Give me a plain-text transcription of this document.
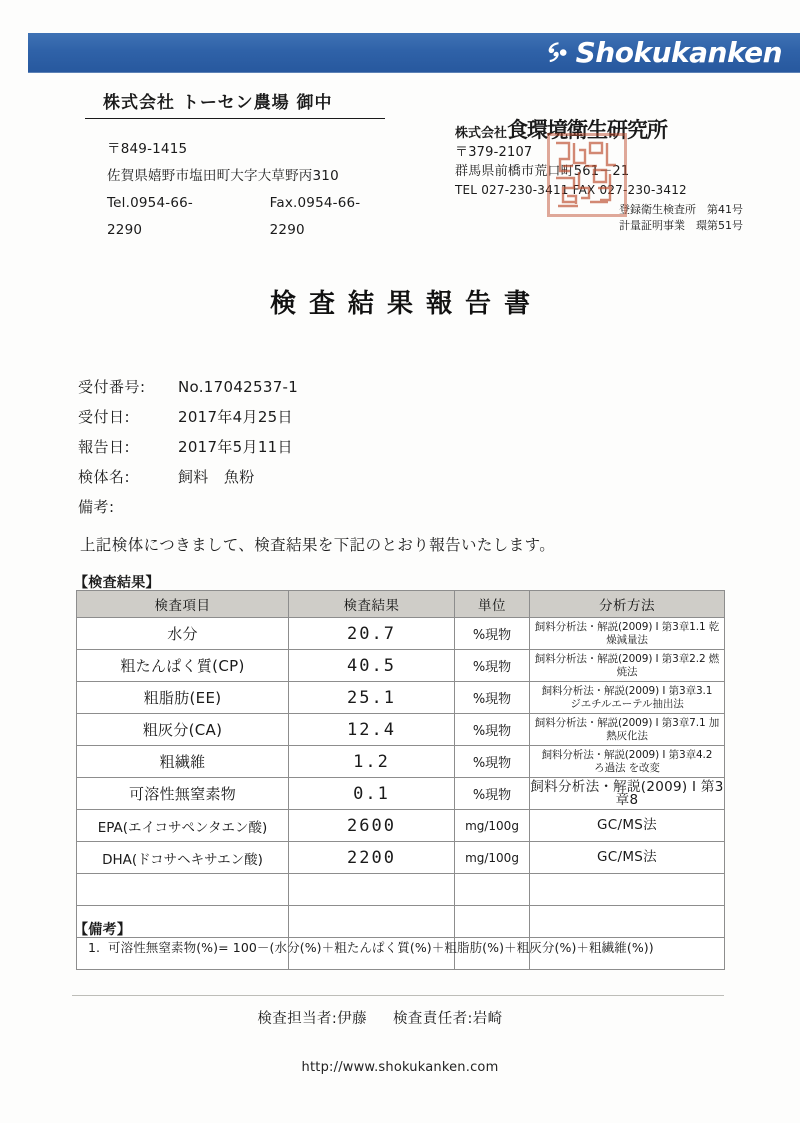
Shokukanken
株式会社 トーセン農場 御中
〒849-1415
佐賀県嬉野市塩田町大字大草野丙310
Tel.0954-66-2290
Fax.0954-66-2290
株式会社食環境衛生研究所
〒379-2107
群馬県前橋市荒口町561－21
TEL 027-230-3411 FAX 027-230-3412
登録衛生検査所　第41号
計量証明事業　環第51号
検査結果報告書
受付番号:	No.17042537-1
受付日:	2017年4月25日
報告日:	2017年5月11日
検体名:	飼料　魚粉
備考:
上記検体につきまして、検査結果を下記のとおり報告いたします。
【検査結果】
検査項目	検査結果	単位	分析方法
水分	20.7	%現物	飼料分析法・解説(2009) I 第3章1.1 乾燥減量法
粗たんぱく質(CP)	40.5	%現物	飼料分析法・解説(2009) I 第3章2.2 燃焼法
粗脂肪(EE)	25.1	%現物	飼料分析法・解説(2009) I 第3章3.1
ジエチルエーテル抽出法

粗灰分(CA)	12.4	%現物	飼料分析法・解説(2009) I 第3章7.1 加熱灰化法
粗繊維	1.2	%現物	飼料分析法・解説(2009) I 第3章4.2
ろ過法 を改変

可溶性無窒素物	0.1	%現物	飼料分析法・解説(2009) I 第3章8
EPA(エイコサペンタエン酸)	2600	mg/100g	GC/MS法
DHA(ドコサヘキサエン酸)	2200	mg/100g	GC/MS法

【備考】
1. 可溶性無窒素物(%)= 100－(水分(%)＋粗たんぱく質(%)＋粗脂肪(%)＋粗灰分(%)＋粗繊維(%))
検査担当者:伊藤 検査責任者:岩崎
http://www.shokukanken.com
